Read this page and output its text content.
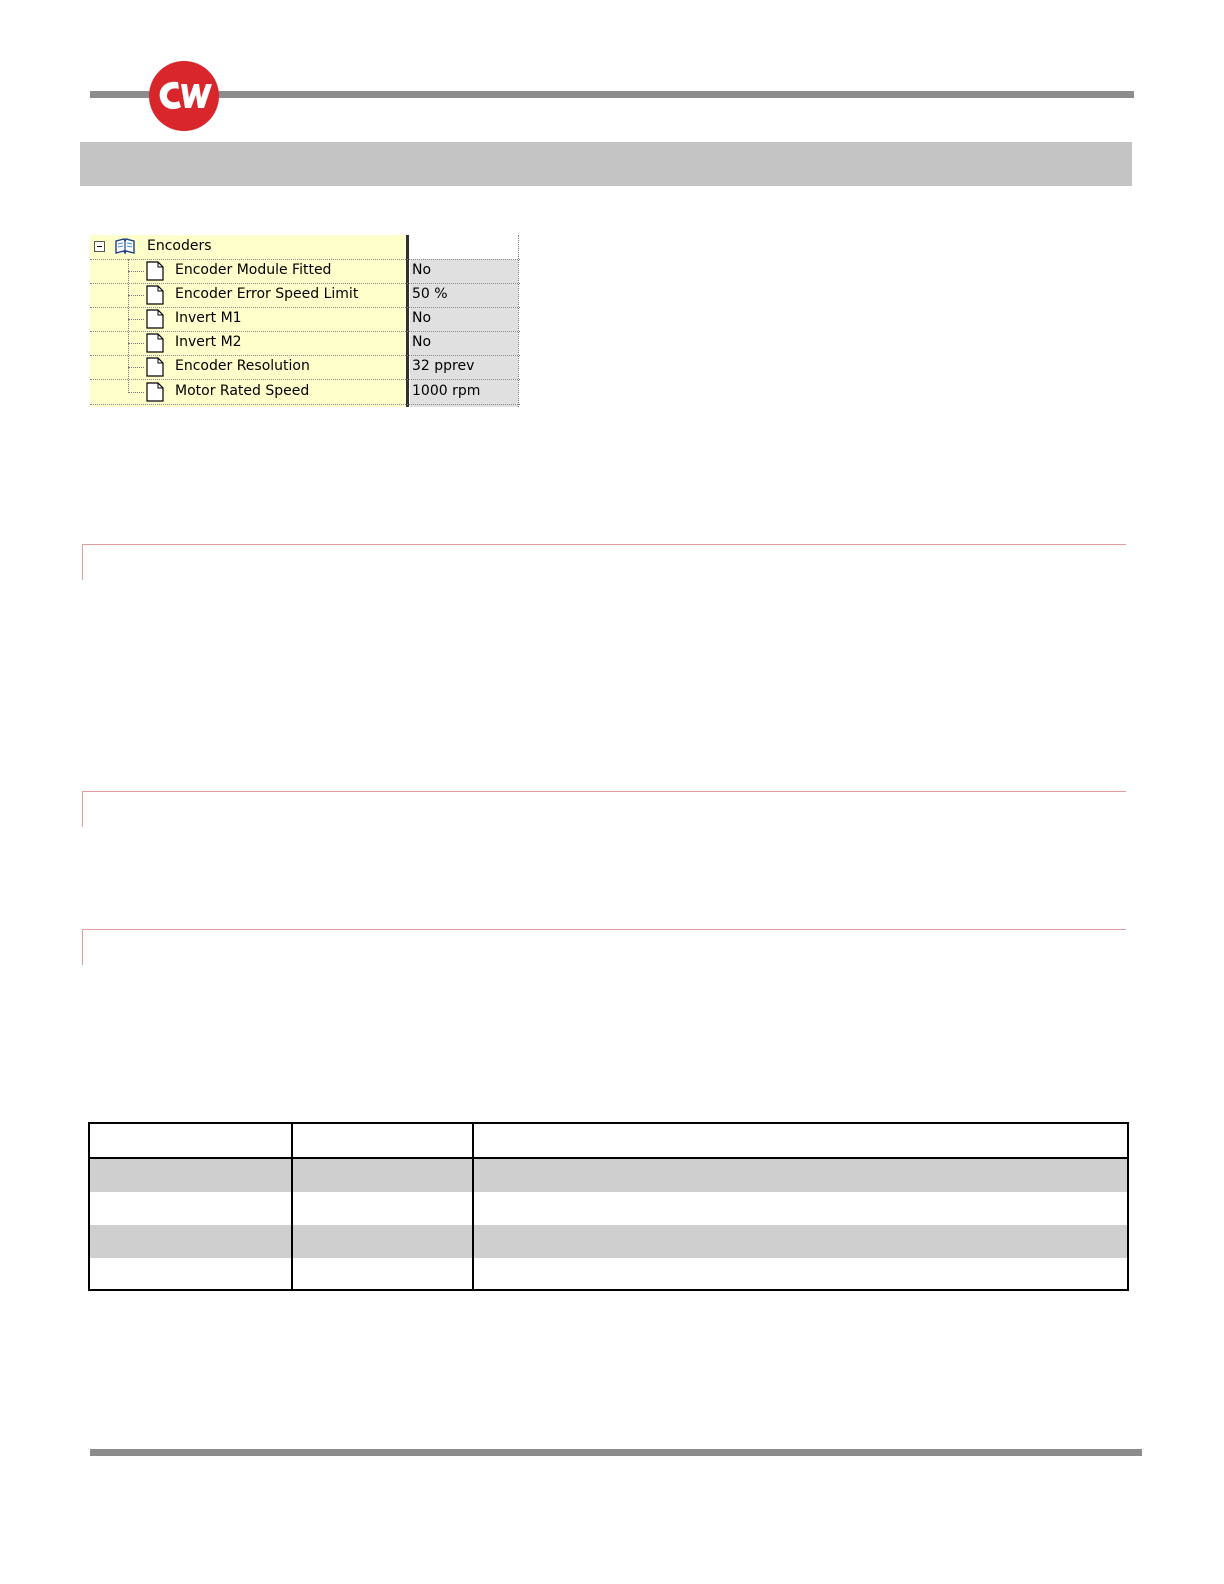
Encoders
Encoder Module Fitted	No
Encoder Error Speed Limit	50 %
Invert M1	No
Invert M2	No
Encoder Resolution	32 pprev
Motor Rated Speed	1000 rpm
